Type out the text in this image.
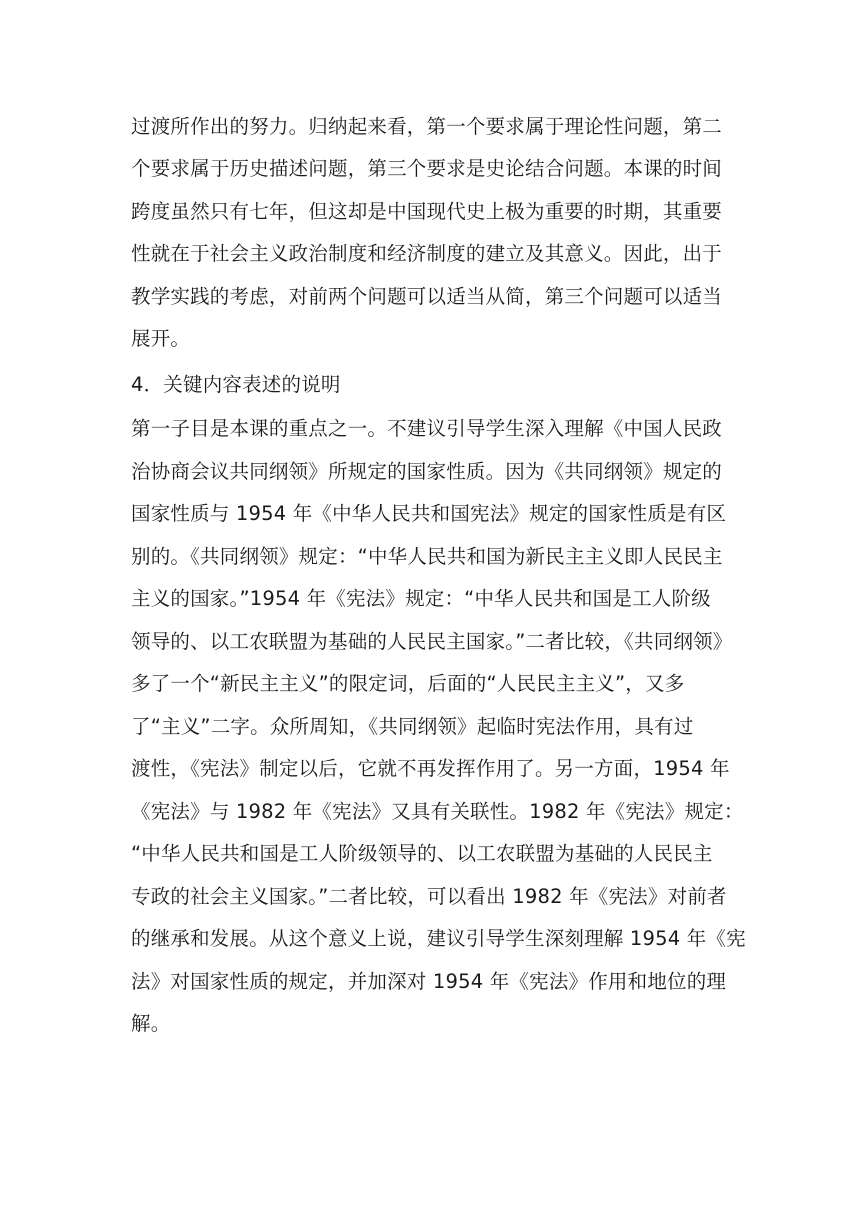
过渡所作出的努力。归纳起来看，第一个要求属于理论性问题，第二
个要求属于历史描述问题，第三个要求是史论结合问题。本课的时间
跨度虽然只有七年，但这却是中国现代史上极为重要的时期，其重要
性就在于社会主义政治制度和经济制度的建立及其意义。因此，出于
教学实践的考虑，对前两个问题可以适当从简，第三个问题可以适当
展开。
4．关键内容表述的说明
第一子目是本课的重点之一。不建议引导学生深入理解《中国人民政
治协商会议共同纲领》所规定的国家性质。因为《共同纲领》规定的
国家性质与 1954 年《中华人民共和国宪法》规定的国家性质是有区
别的。《共同纲领》规定：“中华人民共和国为新民主主义即人民民主
主义的国家。”1954 年《宪法》规定：“中华人民共和国是工人阶级
领导的、以工农联盟为基础的人民民主国家。”二者比较，《共同纲领》
多了一个“新民主主义”的限定词，后面的“人民民主主义”，又多
了“主义”二字。众所周知，《共同纲领》起临时宪法作用，具有过
渡性，《宪法》制定以后，它就不再发挥作用了。另一方面，1954 年
《宪法》与 1982 年《宪法》又具有关联性。1982 年《宪法》规定：
“中华人民共和国是工人阶级领导的、以工农联盟为基础的人民民主
专政的社会主义国家。”二者比较，可以看出 1982 年《宪法》对前者
的继承和发展。从这个意义上说，建议引导学生深刻理解 1954 年《宪
法》对国家性质的规定，并加深对 1954 年《宪法》作用和地位的理
解。
